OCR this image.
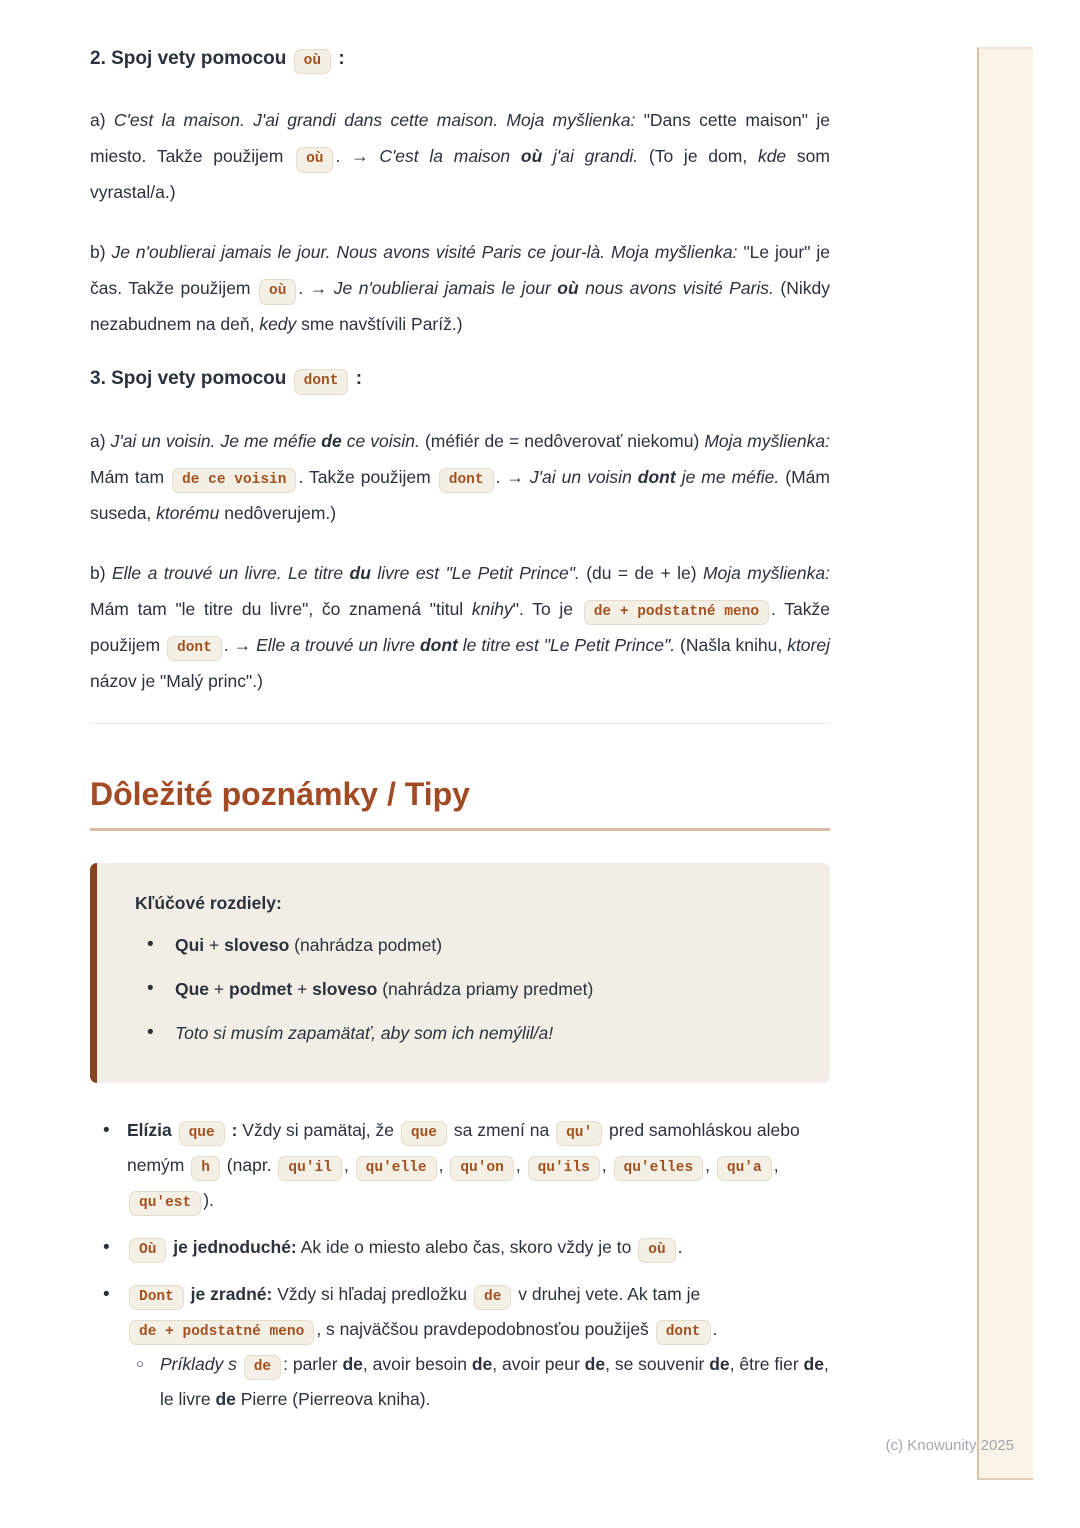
2. Spoj vety pomocou où :

a) C'est la maison. J'ai grandi dans cette maison. Moja myšlienka: "Dans cette maison" je miesto. Takže použijem où . → C'est la maison où j'ai grandi. (To je dom, kde som vyrastal/a.)

b) Je n'oublierai jamais le jour. Nous avons visité Paris ce jour-là. Moja myšlienka: "Le jour" je čas. Takže použijem où . → Je n'oublierai jamais le jour où nous avons visité Paris. (Nikdy nezabudnem na deň, kedy sme navštívili Paríž.)

3. Spoj vety pomocou dont :

a) J'ai un voisin. Je me méfie de ce voisin. (méfiér de = nedôverovať niekomu) Moja myšlienka: Mám tam de ce voisin . Takže použijem dont . → J'ai un voisin dont je me méfie. (Mám suseda, ktorému nedôverujem.)

b) Elle a trouvé un livre. Le titre du livre est "Le Petit Prince". (du = de + le) Moja myšlienka: Mám tam "le titre du livre", čo znamená "titul knihy". To je de + podstatné meno . Takže použijem dont . → Elle a trouvé un livre dont le titre est "Le Petit Prince". (Našla knihu, ktorej názov je "Malý princ".)

Dôležité poznámky / Tipy
Kľúčové rozdiely:
• Qui + sloveso (nahrádza podmet)
• Que + podmet + sloveso (nahrádza priamy predmet)
• Toto si musím zapamätať, aby som ich nemýlil/a!
• Elízia que : Vždy si pamätaj, že que sa zmení na qu' pred samohláskou alebo nemým h (napr. qu'il , qu'elle , qu'on , qu'ils , qu'elles , qu'a , qu'est ).
• Où je jednoduché: Ak ide o miesto alebo čas, skoro vždy je to où .
• Dont je zradné: Vždy si hľadaj predložku de v druhej vete. Ak tam je de + podstatné meno , s najväčšou pravdepodobnosťou použiješ dont .
○ Príklady s de : parler de, avoir besoin de, avoir peur de, se souvenir de, être fier de, le livre de Pierre (Pierreova kniha).
(c) Knowunity 2025
